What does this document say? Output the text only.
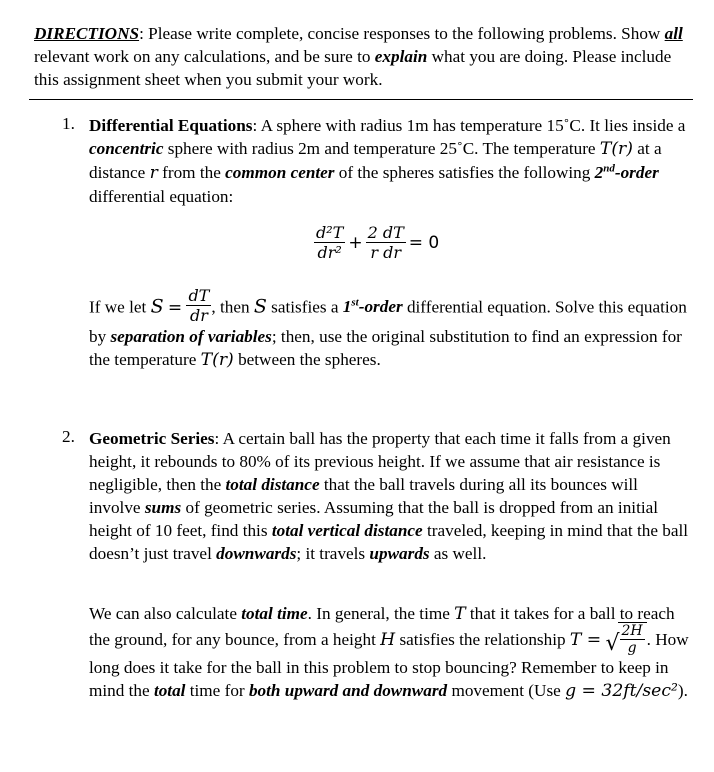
DIRECTIONS: Please write complete, concise responses to the following problems. Show all relevant work on any calculations, and be sure to explain what you are doing. Please include this assignment sheet when you submit your work.
1. Differential Equations: A sphere with radius 1m has temperature 15˚C. It lies inside a concentric sphere with radius 2m and temperature 25˚C. The temperature T(r) at a distance r from the common center of the spheres satisfies the following 2nd-order differential equation:
$\frac{\text{d²T}}{\text{dr²}} + \frac{2 dT}{\text{r dr}} = 0$
If we let $S = \frac{dT}{dr}$ , then S satisfies a 1st-order differential equation. Solve this equation by separation of variables; then, use the original substitution to find an expression for the temperature T(r) between the spheres.
2. Geometric Series: A certain ball has the property that each time it falls from a given height, it rebounds to 80% of its previous height. If we assume that air resistance is negligible, then the total distance that the ball travels during all its bounces will involve sums of geometric series. Assuming that the ball is dropped from an initial height of 10 feet, find this total vertical distance traveled, keeping in mind that the ball doesn’t just travel downwards; it travels upwards as well.
We can also calculate total time. In general, the time T that it takes for a ball to reach the ground, for any bounce, from a height H satisfies the relationship T =
√ $\frac{2H}{g}$ . How long does it take for the ball in this problem to stop bouncing? Remember to keep in mind the total time for both upward and downward movement (Use g = 32ft/sec²).
